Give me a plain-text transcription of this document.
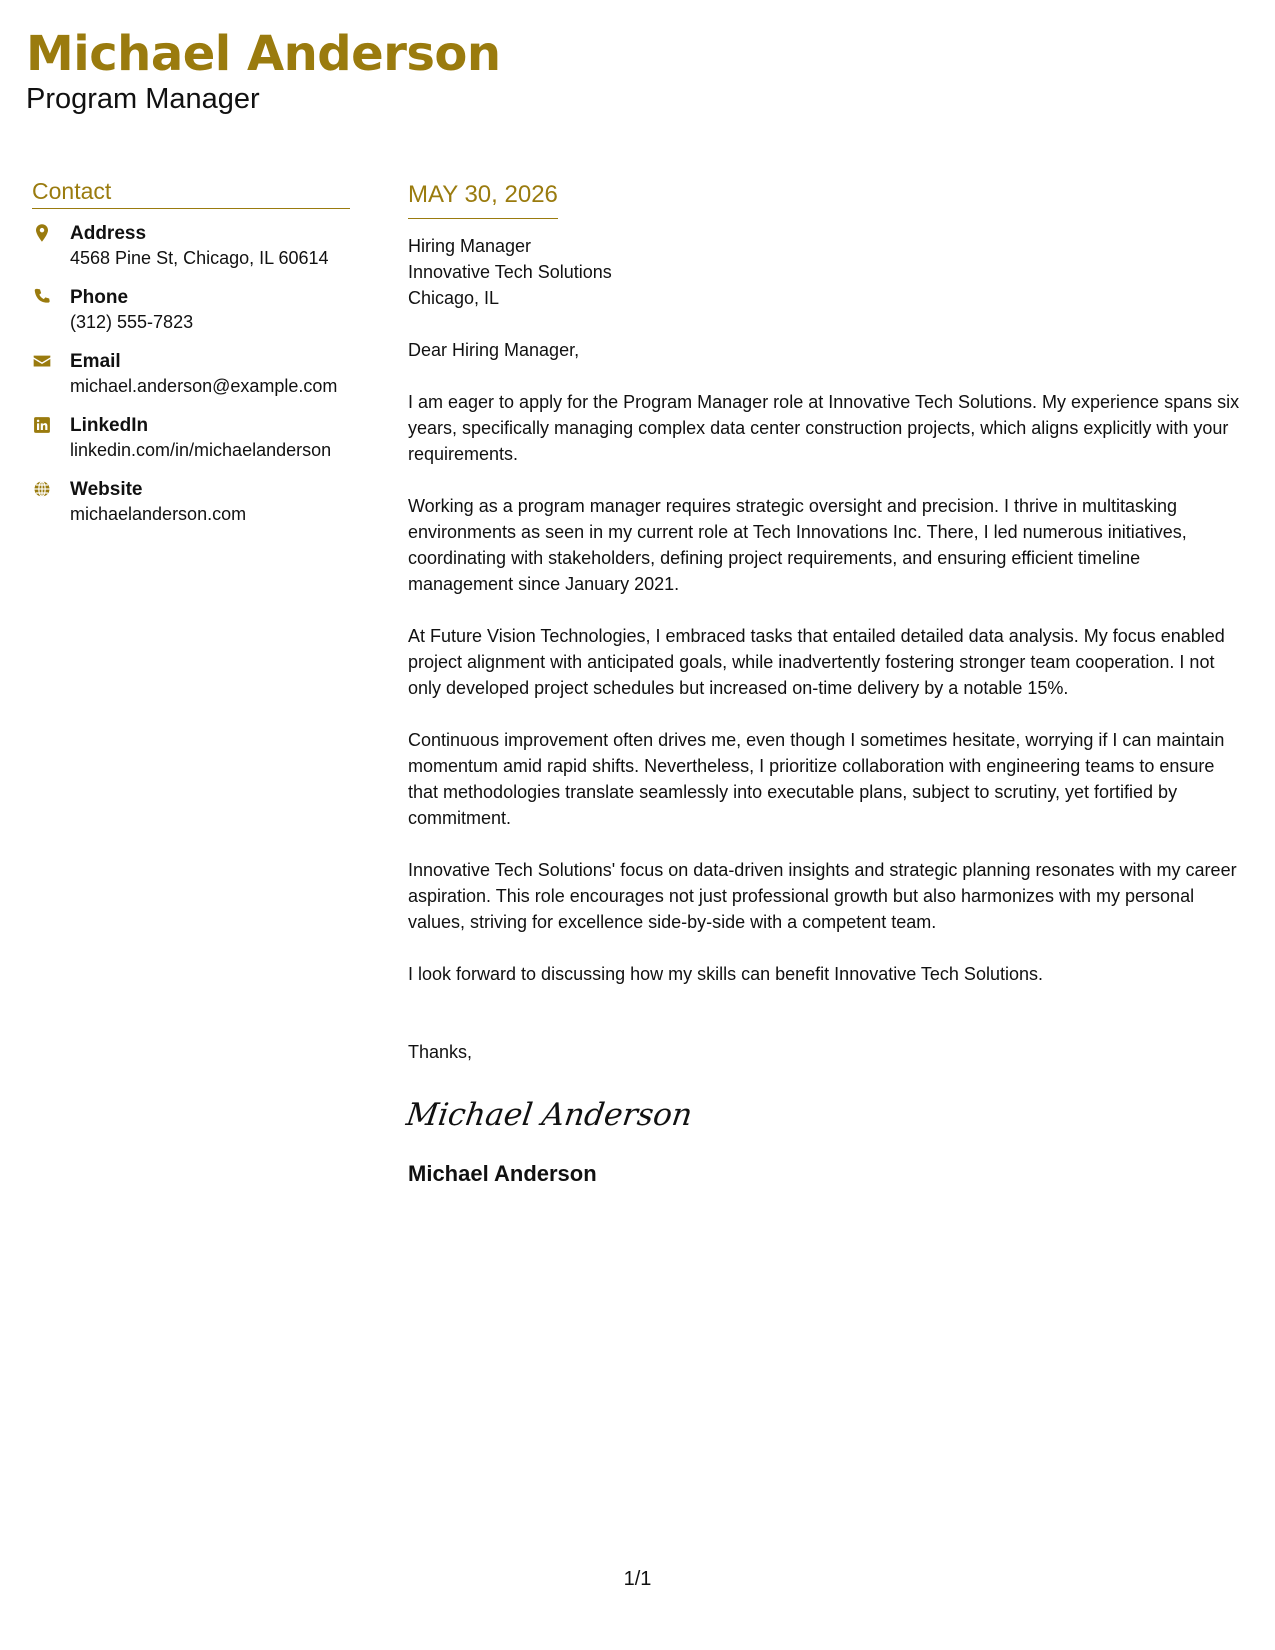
Michael Anderson
Program Manager
Contact
Address
4568 Pine St, Chicago, IL 60614
Phone
(312) 555-7823
Email
michael.anderson@example.com
LinkedIn
linkedin.com/in/michaelanderson
Website
michaelanderson.com
MAY 30, 2026
Hiring Manager
Innovative Tech Solutions
Chicago, IL
Dear Hiring Manager,
I am eager to apply for the Program Manager role at Innovative Tech Solutions. My experience spans six years, specifically managing complex data center construction projects, which aligns explicitly with your requirements.
Working as a program manager requires strategic oversight and precision. I thrive in multitasking environments as seen in my current role at Tech Innovations Inc. There, I led numerous initiatives, coordinating with stakeholders, defining project requirements, and ensuring efficient timeline management since January 2021.
At Future Vision Technologies, I embraced tasks that entailed detailed data analysis. My focus enabled project alignment with anticipated goals, while inadvertently fostering stronger team cooperation. I not only developed project schedules but increased on-time delivery by a notable 15%.
Continuous improvement often drives me, even though I sometimes hesitate, worrying if I can maintain momentum amid rapid shifts. Nevertheless, I prioritize collaboration with engineering teams to ensure that methodologies translate seamlessly into executable plans, subject to scrutiny, yet fortified by commitment.
Innovative Tech Solutions' focus on data-driven insights and strategic planning resonates with my career aspiration. This role encourages not just professional growth but also harmonizes with my personal values, striving for excellence side-by-side with a competent team.
I look forward to discussing how my skills can benefit Innovative Tech Solutions.
Thanks,
Michael Anderson
Michael Anderson
1/1
